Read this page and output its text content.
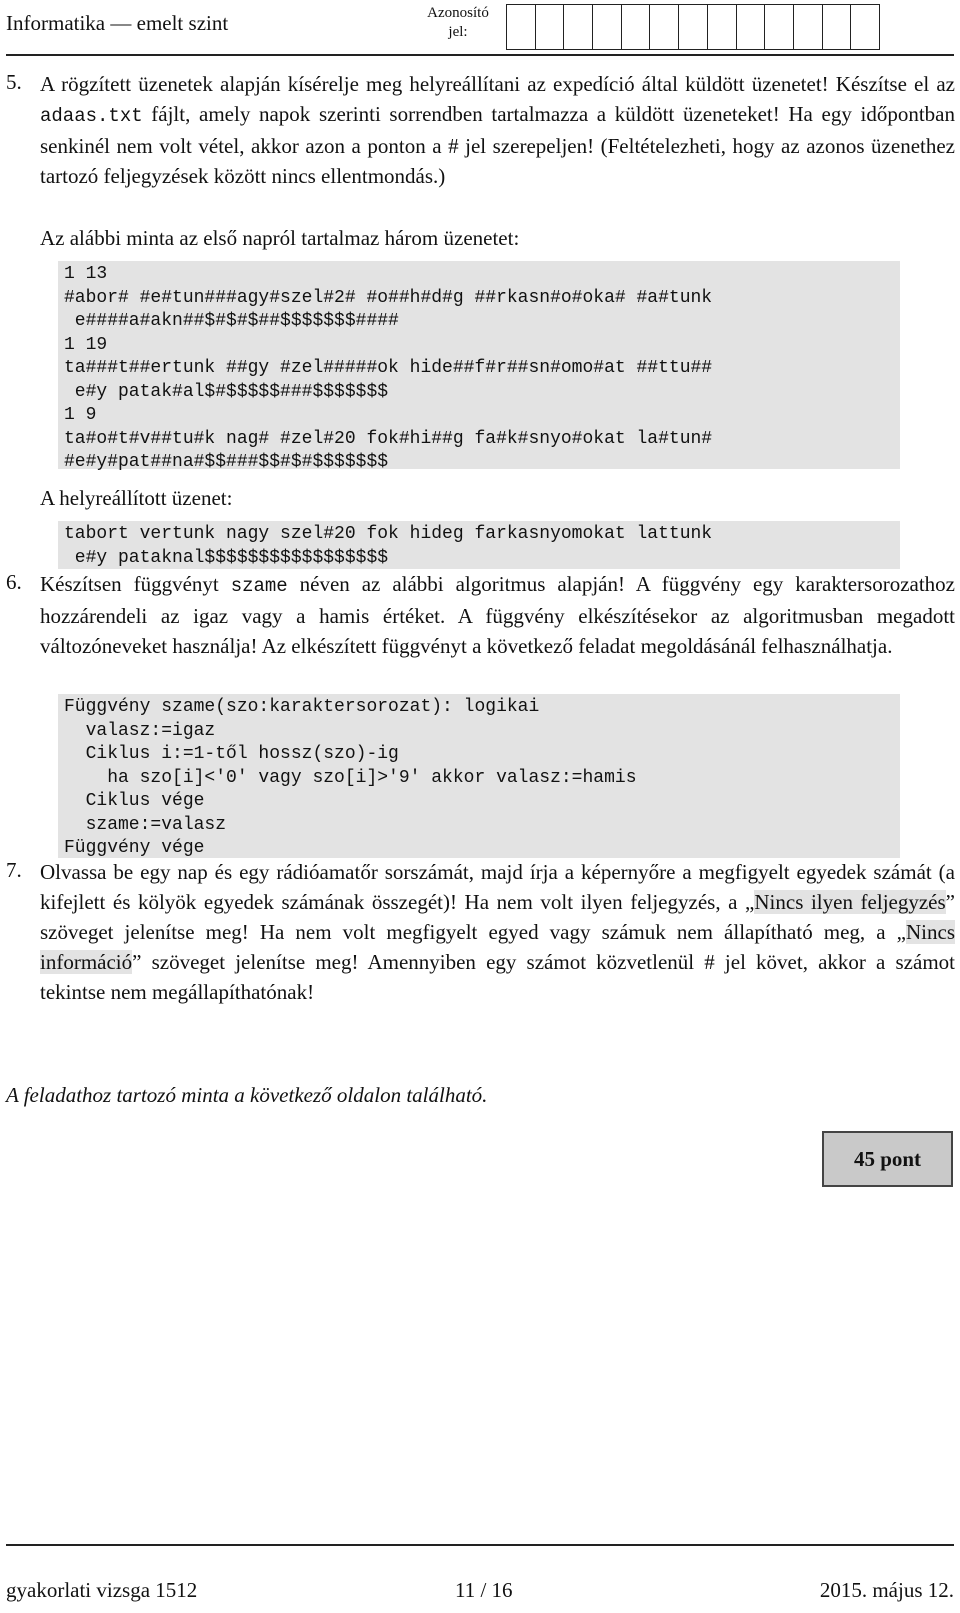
Informatika — emelt szint	Azonosító jel:
5. A rögzített üzenetek alapján kísérelje meg helyreállítani az expedíció által küldött üzenetet! Készítse el az adaas.txt fájlt, amely napok szerinti sorrendben tartalmazza a küldött üzeneteket! Ha egy időpontban senkinél nem volt vétel, akkor azon a ponton a # jel szerepeljen! (Feltételezheti, hogy az azonos üzenethez tartozó feljegyzések között nincs ellentmondás.)
Az alábbi minta az első napról tartalmaz három üzenetet:
1 13
#abor# #e#tun###agy#szel#2# #o##h#d#g ##rkasn#o#oka# #a#tunk
e####a#akn##$#$#$##$$$$$$$####
1 19
ta###t##ertunk ##gy #zel#####ok hide##f#r##sn#omo#at ##ttu##
e#y patak#al$#$$$$$###$$$$$$$
1 9
ta#o#t#v##tu#k nag# #zel#20 fok#hi##g fa#k#snyo#okat la#tun#
#e#y#pat##na#$$###$$#$#$$$$$$$
A helyreállított üzenet:
tabort vertunk nagy szel#20 fok hideg farkasnyomokat lattunk
e#y pataknal$$$$$$$$$$$$$$$$$
6. Készítsen függvényt szame néven az alábbi algoritmus alapján! A függvény egy karaktersorozathoz hozzárendeli az igaz vagy a hamis értéket. A függvény elkészítésekor az algoritmusban megadott változóneveket használja! Az elkészített függvényt a következő feladat megoldásánál felhasználhatja.
Függvény szame(szo:karaktersorozat): logikai
valasz:=igaz
Ciklus i:=1-től hossz(szo)-ig
ha szo[i]<'0' vagy szo[i]>'9' akkor valasz:=hamis
Ciklus vége
szame:=valasz
Függvény vége
7. Olvassa be egy nap és egy rádióamatőr sorszámát, majd írja a képernyőre a megfigyelt egyedek számát (a kifejlett és kölyök egyedek számának összegét)! Ha nem volt ilyen feljegyzés, a „Nincs ilyen feljegyzés” szöveget jelenítse meg! Ha nem volt megfigyelt egyed vagy számuk nem állapítható meg, a „Nincs információ” szöveget jelenítse meg! Amennyiben egy számot közvetlenül # jel követ, akkor a számot tekintse nem megállapíthatónak!
A feladathoz tartozó minta a következő oldalon található.
45 pont
gyakorlati vizsga 1512	11 / 16	2015. május 12.
